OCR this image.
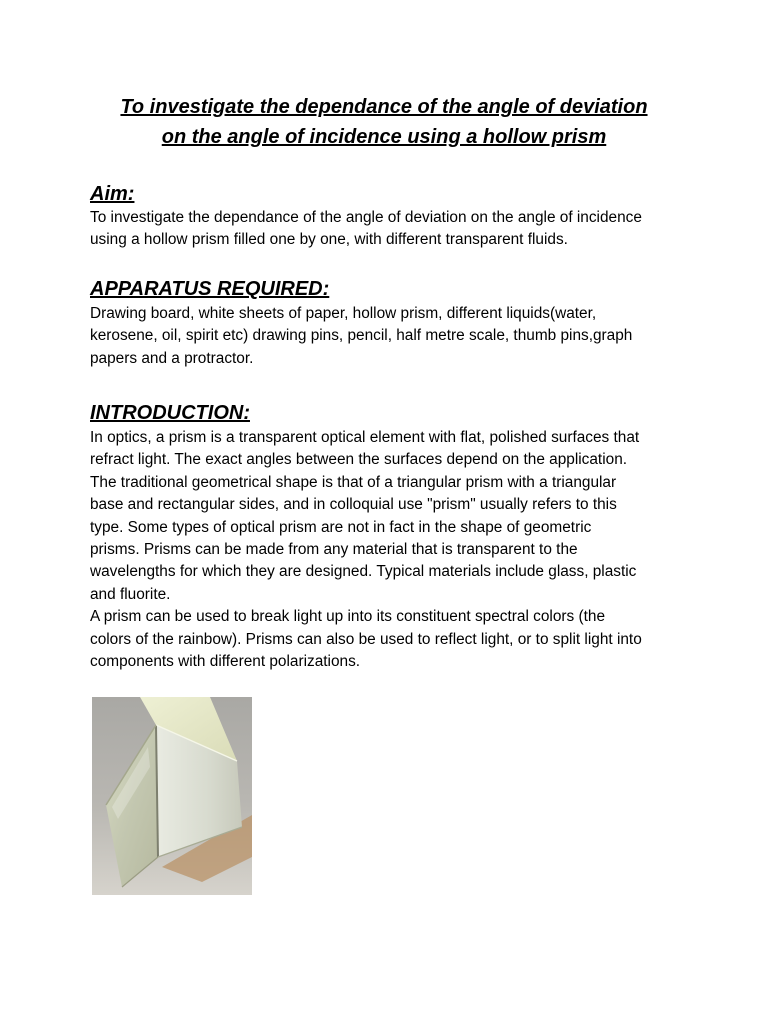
To investigate the dependance of the angle of deviation
on the angle of incidence using a hollow prism
Aim:

To investigate the dependance of the angle of deviation on the angle of incidence
using a hollow prism filled one by one, with different transparent fluids.

APPARATUS REQUIRED:

Drawing board, white sheets of paper, hollow prism, different liquids(water,
kerosene, oil, spirit etc) drawing pins, pencil, half metre scale, thumb pins,graph
papers and a protractor.

INTRODUCTION:

In optics, a prism is a transparent optical element with flat, polished surfaces that
refract light. The exact angles between the surfaces depend on the application.
The traditional geometrical shape is that of a triangular prism with a triangular
base and rectangular sides, and in colloquial use "prism" usually refers to this
type. Some types of optical prism are not in fact in the shape of geometric
prisms. Prisms can be made from any material that is transparent to the
wavelengths for which they are designed. Typical materials include glass, plastic
and fluorite.
A prism can be used to break light up into its constituent spectral colors (the
colors of the rainbow). Prisms can also be used to reflect light, or to split light into
components with different polarizations.
